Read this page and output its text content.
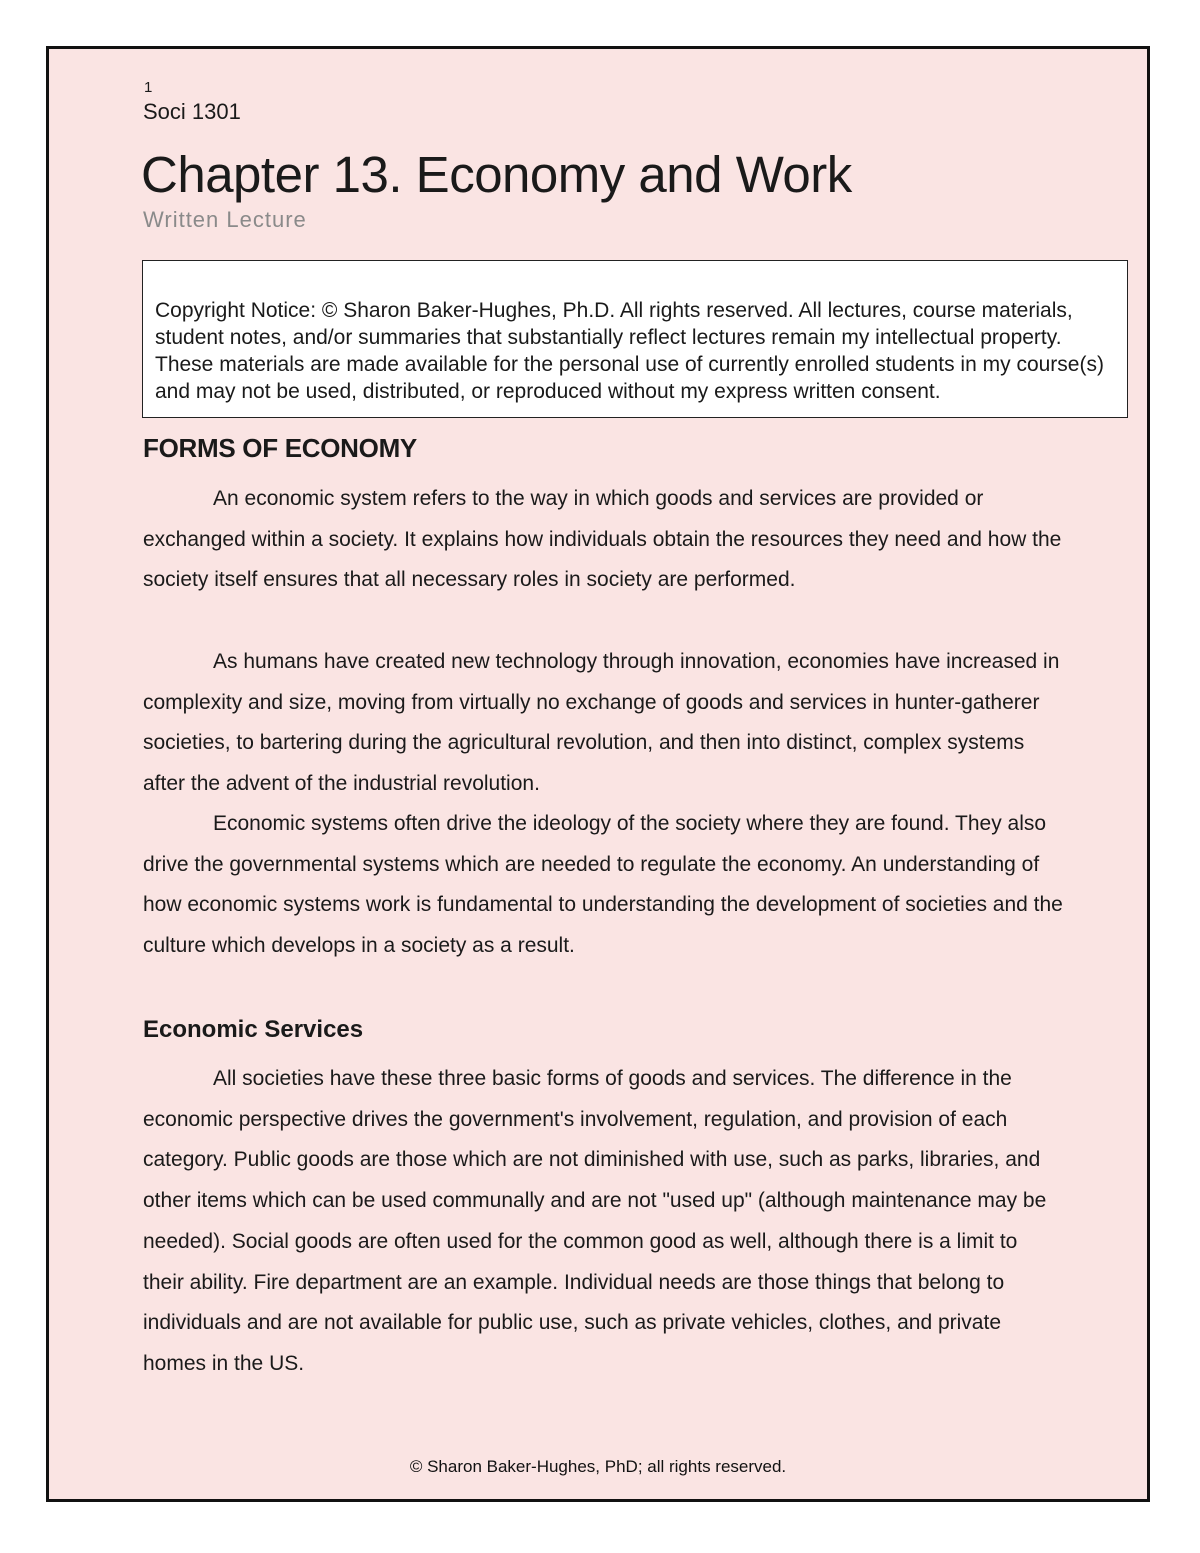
1
Soci 1301
Chapter 13. Economy and Work
Written Lecture

Copyright Notice: © Sharon Baker-Hughes, Ph.D. All rights reserved. All lectures, course materials, student notes, and/or summaries that substantially reflect lectures remain my intellectual property. These materials are made available for the personal use of currently enrolled students in my course(s) and may not be used, distributed, or reproduced without my express written consent.

FORMS OF ECONOMY

An economic system refers to the way in which goods and services are provided or exchanged within a society. It explains how individuals obtain the resources they need and how the society itself ensures that all necessary roles in society are performed.

As humans have created new technology through innovation, economies have increased in complexity and size, moving from virtually no exchange of goods and services in hunter-gatherer societies, to bartering during the agricultural revolution, and then into distinct, complex systems after the advent of the industrial revolution.

Economic systems often drive the ideology of the society where they are found. They also drive the governmental systems which are needed to regulate the economy. An understanding of how economic systems work is fundamental to understanding the development of societies and the culture which develops in a society as a result.

Economic Services

All societies have these three basic forms of goods and services. The difference in the economic perspective drives the government's involvement, regulation, and provision of each category. Public goods are those which are not diminished with use, such as parks, libraries, and other items which can be used communally and are not "used up" (although maintenance may be needed). Social goods are often used for the common good as well, although there is a limit to their ability. Fire department are an example. Individual needs are those things that belong to individuals and are not available for public use, such as private vehicles, clothes, and private homes in the US.

© Sharon Baker-Hughes, PhD; all rights reserved.
